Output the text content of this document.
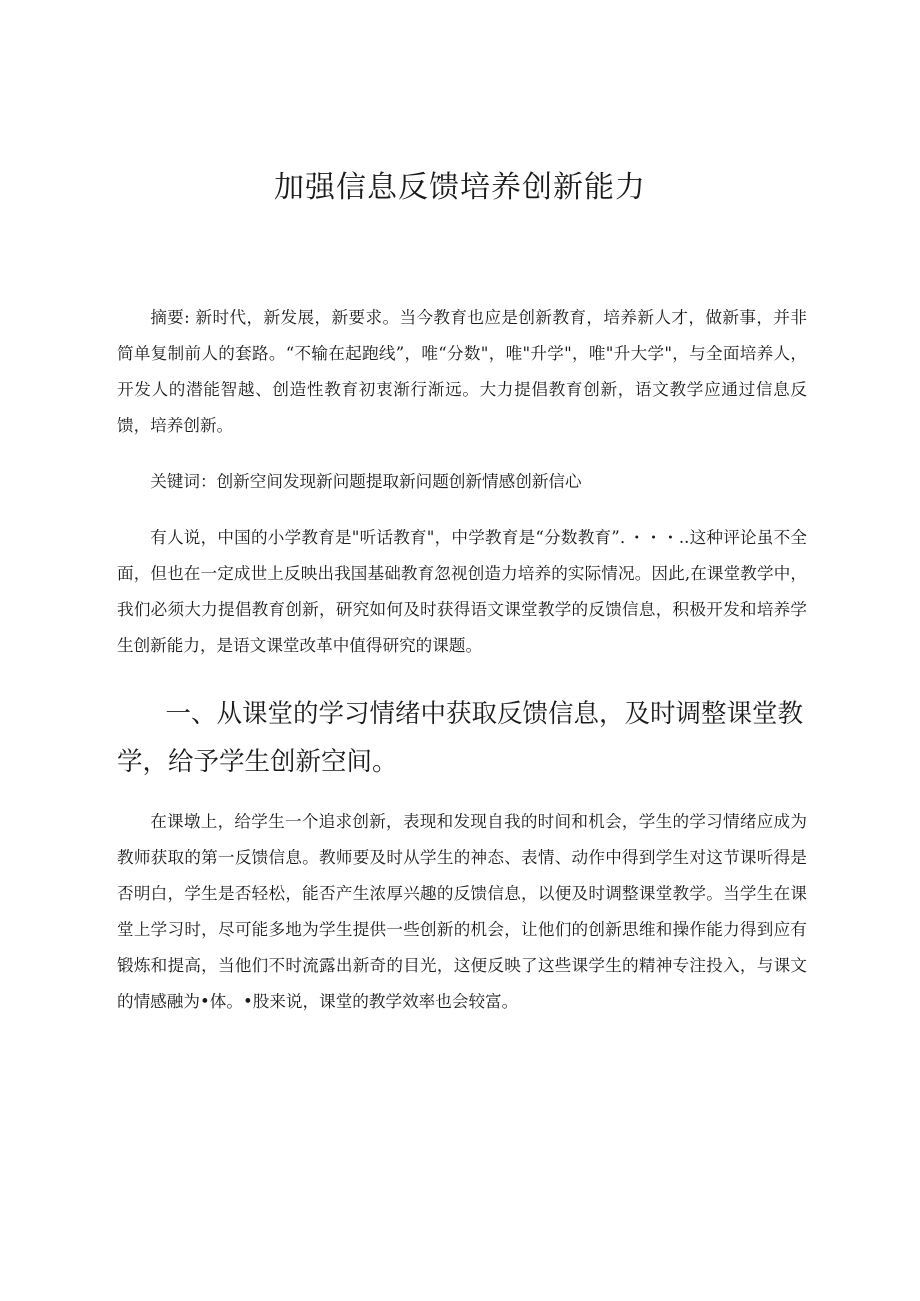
加强信息反馈培养创新能力

摘要: 新时代，新发展，新要求。当今教育也应是创新教育，培养新人才，做新事，并非简单复制前人的套路。“不输在起跑线”，唯“分数"，唯"升学"，唯"升大学"，与全面培养人，开发人的潜能智越、创造性教育初衷渐行渐远。大力提倡教育创新，语文教学应通过信息反馈，培养创新。

关键词：创新空间发现新问题提取新问题创新情感创新信心

有人说，中国的小学教育是"听话教育"，中学教育是“分数教育”．・・・..这种评论虽不全面，但也在一定成世上反映出我国基础教育忽视创造力培养的实际情况。因此,在课堂教学中，我们必须大力提倡教育创新，研究如何及时获得语文课堂教学的反馈信息，积极开发和培养学生创新能力，是语文课堂改革中值得研究的课题。

一、从课堂的学习情绪中获取反馈信息，及时调整课堂教学，给予学生创新空间。

在课墩上，给学生一个追求创新，表现和发现自我的时间和机会，学生的学习情绪应成为教师获取的第一反馈信息。教师要及时从学生的神态、表情、动作中得到学生对这节课听得是否明白，学生是否轻松，能否产生浓厚兴趣的反馈信息，以便及时调整课堂教学。当学生在课堂上学习时，尽可能多地为学生提供一些创新的机会，让他们的创新思维和操作能力得到应有锻炼和提高，当他们不时流露出新奇的目光，这便反映了这些课学生的精神专注投入，与课文的情感融为•体。•股来说，课堂的教学效率也会较富。
